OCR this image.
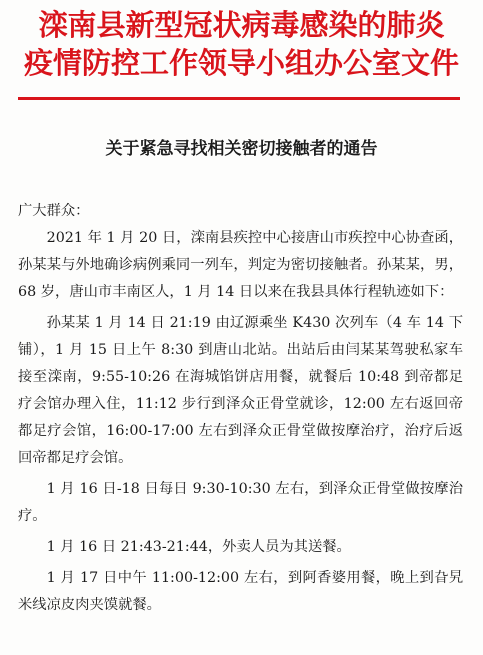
滦南县新型冠状病毒感染的肺炎
疫情防控工作领导小组办公室文件
关于紧急寻找相关密切接触者的通告

广大群众：

2021 年 1 月 20 日，滦南县疾控中心接唐山市疾控中心协查函，孙某某与外地确诊病例乘同一列车，判定为密切接触者。孙某某，男，68 岁，唐山市丰南区人，1 月 14 日以来在我县具体行程轨迹如下：

孙某某 1 月 14 日 21:19 由辽源乘坐 K430 次列车（4 车 14 下铺），1 月 15 日上午 8:30 到唐山北站。出站后由闫某某驾驶私家车接至滦南，9:55-10:26 在海城馅饼店用餐，就餐后 10:48 到帝都足疗会馆办理入住，11:12 步行到泽众正骨堂就诊，12:00 左右返回帝都足疗会馆，16:00-17:00 左右到泽众正骨堂做按摩治疗，治疗后返回帝都足疗会馆。

1 月 16 日-18 日每日 9:30-10:30 左右，到泽众正骨堂做按摩治疗。

1 月 16 日 21:43-21:44，外卖人员为其送餐。

1 月 17 日中午 11:00-12:00 左右，到阿香婆用餐，晚上到旮旯米线凉皮肉夹馍就餐。
